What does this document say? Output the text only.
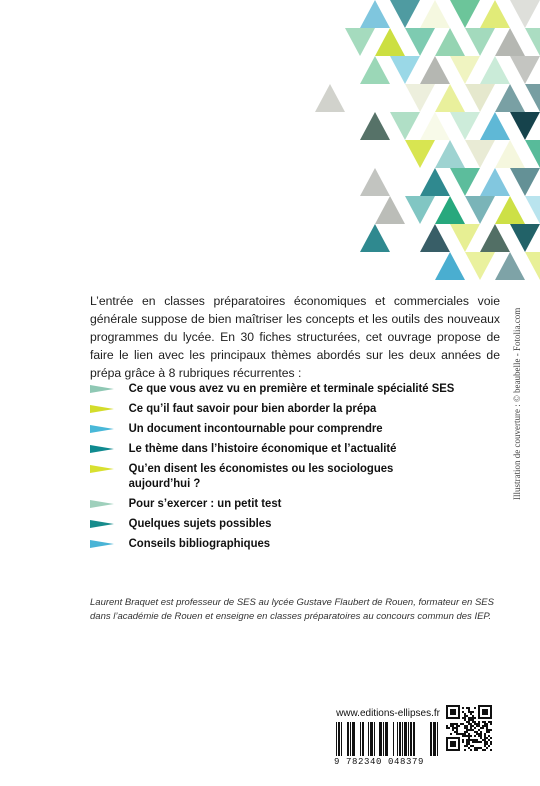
L’entrée en classes préparatoires économiques et commerciales voie générale suppose de bien maîtriser les concepts et les outils des nouveaux programmes du lycée. En 30 fiches structurées, cet ouvrage propose de faire le lien avec les principaux thèmes abordés sur les deux années de prépa grâce à 8 rubriques récurrentes :

Ce que vous avez vu en première et terminale spécialité SES
Ce qu’il faut savoir pour bien aborder la prépa
Un document incontournable pour comprendre
Le thème dans l’histoire économique et l’actualité
Qu’en disent les économistes ou les sociologues aujourd’hui ?
Pour s’exercer : un petit test
Quelques sujets possibles
Conseils bibliographiques

Laurent Braquet est professeur de SES au lycée Gustave Flaubert de Rouen, formateur en SES dans l’académie de Rouen et enseigne en classes préparatoires au concours commun des IEP.

Illustration de couverture : © beaubelle - Fotolia.com
www.editions-ellipses.fr
9 782340 048379
